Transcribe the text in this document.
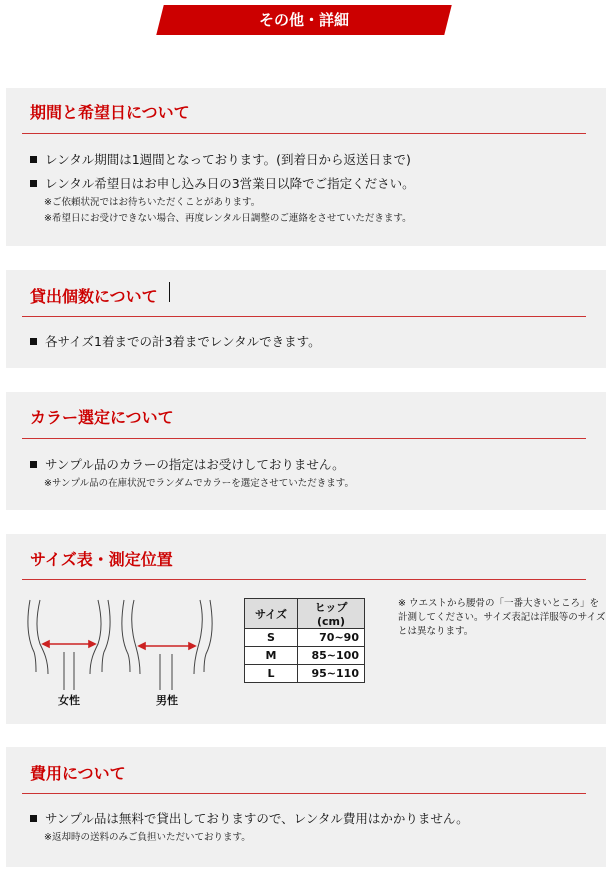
その他・詳細
期間と希望日について
レンタル期間は1週間となっております。(到着日から返送日まで)
レンタル希望日はお申し込み日の3営業日以降でご指定ください。
※ご依頼状況ではお待ちいただくことがあります。
※希望日にお受けできない場合、再度レンタル日調整のご連絡をさせていただきます。
貸出個数について
各サイズ1着までの計3着までレンタルできます。
カラー選定について
サンプル品のカラーの指定はお受けしておりません。
※サンプル品の在庫状況でランダムでカラーを選定させていただきます。
サイズ表・測定位置
女性	男性
サイズ	ヒップ(cm)
S	70~90
M	85~100
L	95~110
※ ウエストから腰骨の「一番大きいところ」を計測してください。サイズ表記は洋服等のサイズとは異なります。
費用について
サンプル品は無料で貸出しておりますので、レンタル費用はかかりません。
※返却時の送料のみご負担いただいております。
